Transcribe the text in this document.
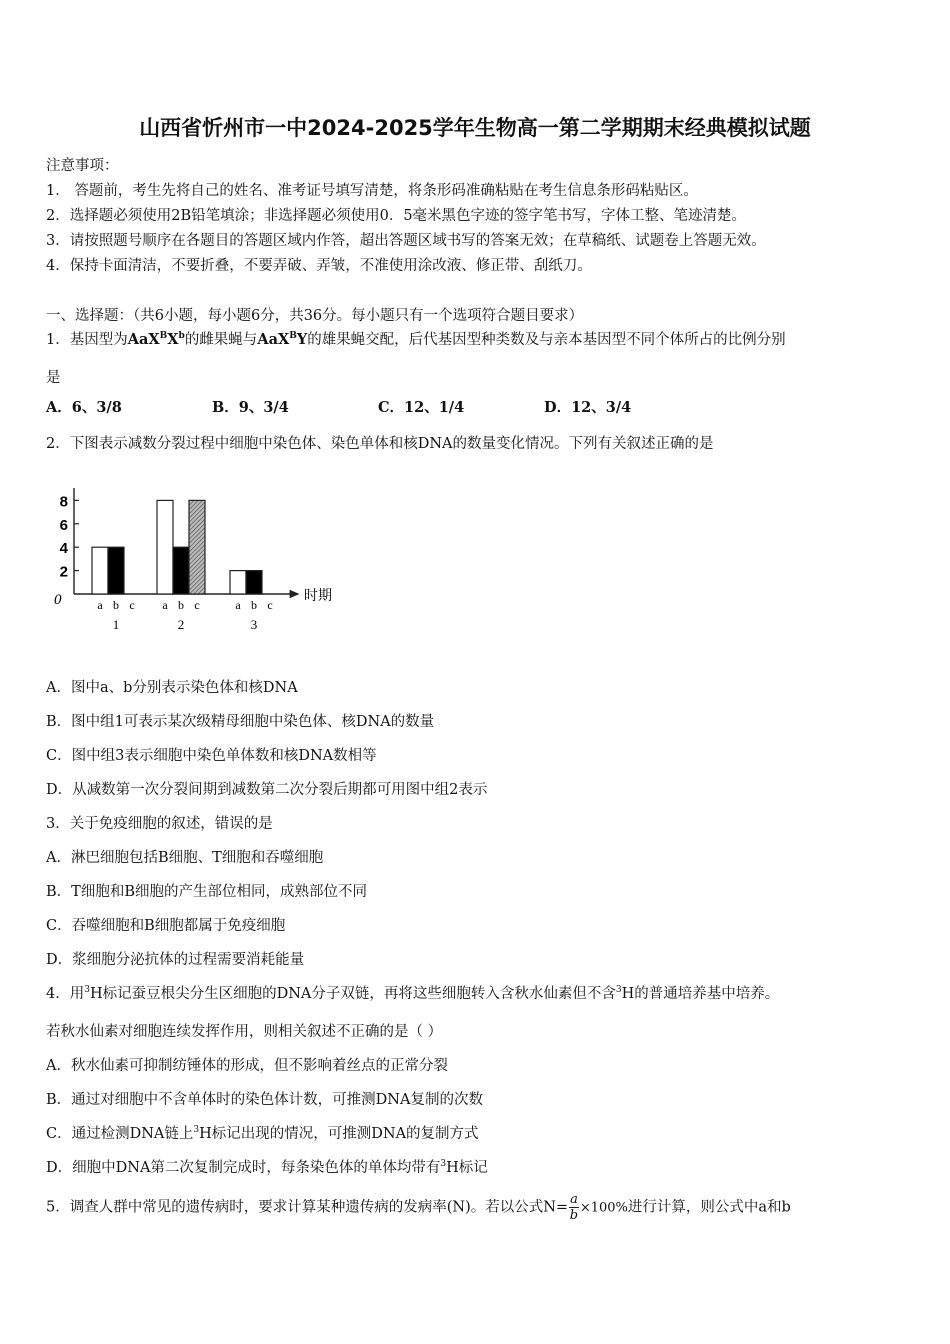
山西省忻州市一中2024-2025学年生物高一第二学期期末经典模拟试题
注意事项：
1． 答题前，考生先将自己的姓名、准考证号填写清楚，将条形码准确粘贴在考生信息条形码粘贴区。
2．选择题必须使用2B铅笔填涂；非选择题必须使用0．5毫米黑色字迹的签字笔书写，字体工整、笔迹清楚。
3．请按照题号顺序在各题目的答题区域内作答，超出答题区域书写的答案无效；在草稿纸、试题卷上答题无效。
4．保持卡面清洁，不要折叠，不要弄破、弄皱，不准使用涂改液、修正带、刮纸刀。
一、选择题：（共6小题，每小题6分，共36分。每小题只有一个选项符合题目要求）
1．基因型为$AaX^BX^b$的雌果蝇与AaX$^B$Y的雄果蝇交配，后代基因型种类数及与亲本基因型不同个体所占的比例分别
是
A．6、3/8	B．9、3/4	C．12、1/4	D．12、3/4
2．下图表示减数分裂过程中细胞中染色体、染色单体和核DNA的数量变化情况。下列有关叙述正确的是
8
6
4
2
0	a b c
1
a b c
2
a b c
3
时期
A．图中a、b分别表示染色体和核DNA
B．图中组1可表示某次级精母细胞中染色体、核DNA的数量
C．图中组3表示细胞中染色单体数和核DNA数相等
D．从减数第一次分裂间期到减数第二次分裂后期都可用图中组2表示
3．关于免疫细胞的叙述，错误的是
A．淋巴细胞包括B细胞、T细胞和吞噬细胞
B．T细胞和B细胞的产生部位相同，成熟部位不同
C．吞噬细胞和B细胞都属于免疫细胞
D．浆细胞分泌抗体的过程需要消耗能量
4．用$^3$H标记蚕豆根尖分生区细胞的DNA分子双链，再将这些细胞转入含秋水仙素但不含$^3$H的普通培养基中培养。
若秋水仙素对细胞连续发挥作用，则相关叙述不正确的是（ ）
A．秋水仙素可抑制纺锤体的形成，但不影响着丝点的正常分裂
B．通过对细胞中不含单体时的染色体计数，可推测DNA复制的次数
C．通过检测DNA链上$^3$H标记出现的情况，可推测DNA的复制方式
D．细胞中DNA第二次复制完成时，每条染色体的单体均带有$^3$H标记
5．调查人群中常见的遗传病时，要求计算某种遗传病的发病率(N)。若以公式$N= \frac{a}{b} \times 100\%$进行计算，则公式中a和b
